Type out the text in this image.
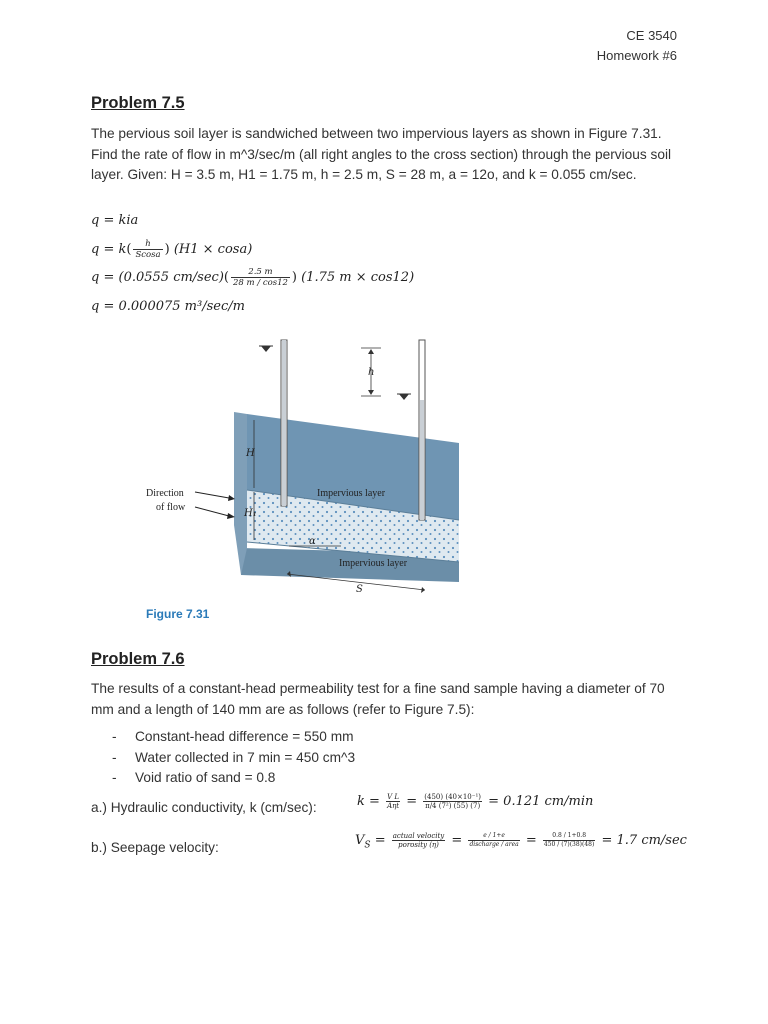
CE 3540
Homework #6
Problem 7.5
The pervious soil layer is sandwiched between two impervious layers as shown in Figure 7.31. Find the rate of flow in m^3/sec/m (all right angles to the cross section) through the pervious soil layer. Given: H = 3.5 m, H1 = 1.75 m, h = 2.5 m, S = 28 m, a = 12o, and k = 0.055 cm/sec.
q = kia
$q = k( \frac{h}{Scosa}$ ) (H1 × cosa)
q = (0.0555 $cm/\sec)( \frac{2.5 m}{28 m / \cos 12}$ ) (1.75 m × cos12)
q = 0.000075 m³/sec/m
h
H
H₁
Impervious layer
Impervious layer
Direction
of flow
α
S
Figure 7.31
Problem 7.6
The results of a constant-head permeability test for a fine sand sample having a diameter of 70 mm and a length of 140 mm are as follows (refer to Figure 7.5):
-	Constant-head difference = 550 mm
-	Water collected in 7 min = 450 cm^3
-	Void ratio of sand = 0.8
a.) Hydraulic conductivity, k (cm/sec):	$k = \frac{\text{V L}}{\text{Aηt}} = \frac{\text{(450) (40×10⁻¹)}}{\text{π/4 (7²) (55) (7)}} = 0.121$ cm/min
b.) Seepage velocity:	$V_S = \frac{\text{actual velocity}}{\text{porosity (η)}} = \frac{e / 1+e}{\text{discharge / area}} = \frac{0.8 / 1+0.8}{450 / (7)(38)(48)} = 1.7$ cm/sec
